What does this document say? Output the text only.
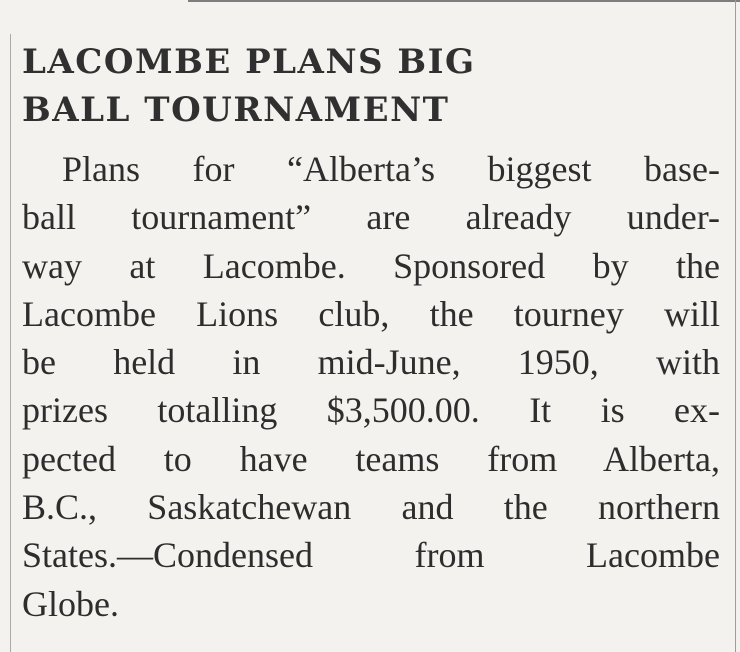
LACOMBE PLANS BIG
BALL TOURNAMENT
Plans for “Alberta’s biggest base-
ball tournament” are already under-
way at Lacombe. Sponsored by the
Lacombe Lions club, the tourney will
be held in mid-June, 1950, with
prizes totalling $3,500.00. It is ex-
pected to have teams from Alberta,
B.C., Saskatchewan and the northern
States.—Condensed from Lacombe
Globe.
